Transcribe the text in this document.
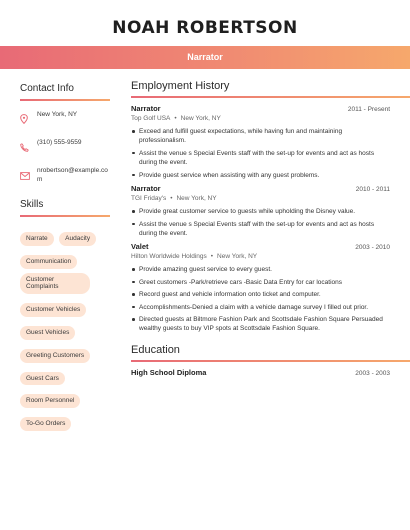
NOAH ROBERTSON
Narrator
Contact Info
New York, NY
(310) 555-9559
nrobertson@example.com
Skills
Narrate	Audacity Communication Customer Complaints Customer Vehicles Guest Vehicles Greeting Customers Guest Cars Room Personnel To-Go Orders
Employment History
Narrator	2011 - Present
Top Golf USA • New York, NY
Exceed and fulfill guest expectations, while having fun and maintaining professionalism.
Assist the venue s Special Events staff with the set-up for events and act as hosts during the event.
Provide guest service when assisting with any guest problems.
Narrator	2010 - 2011
TGI Friday's • New York, NY
Provide great customer service to guests while upholding the Disney value.
Assist the venue s Special Events staff with the set-up for events and act as hosts during the event.
Valet	2003 - 2010
Hilton Worldwide Holdings • New York, NY
Provide amazing guest service to every guest.
Greet customers -Park/retrieve cars -Basic Data Entry for car locations
Record guest and vehicle information onto ticket and computer.
Accomplishments-Denied a claim with a vehicle damage survey I filled out prior.
Directed guests at Biltmore Fashion Park and Scottsdale Fashion Square Persuaded wealthy guests to buy VIP spots at Scottsdale Fashion Square.
Education
High School Diploma	2003 - 2003
